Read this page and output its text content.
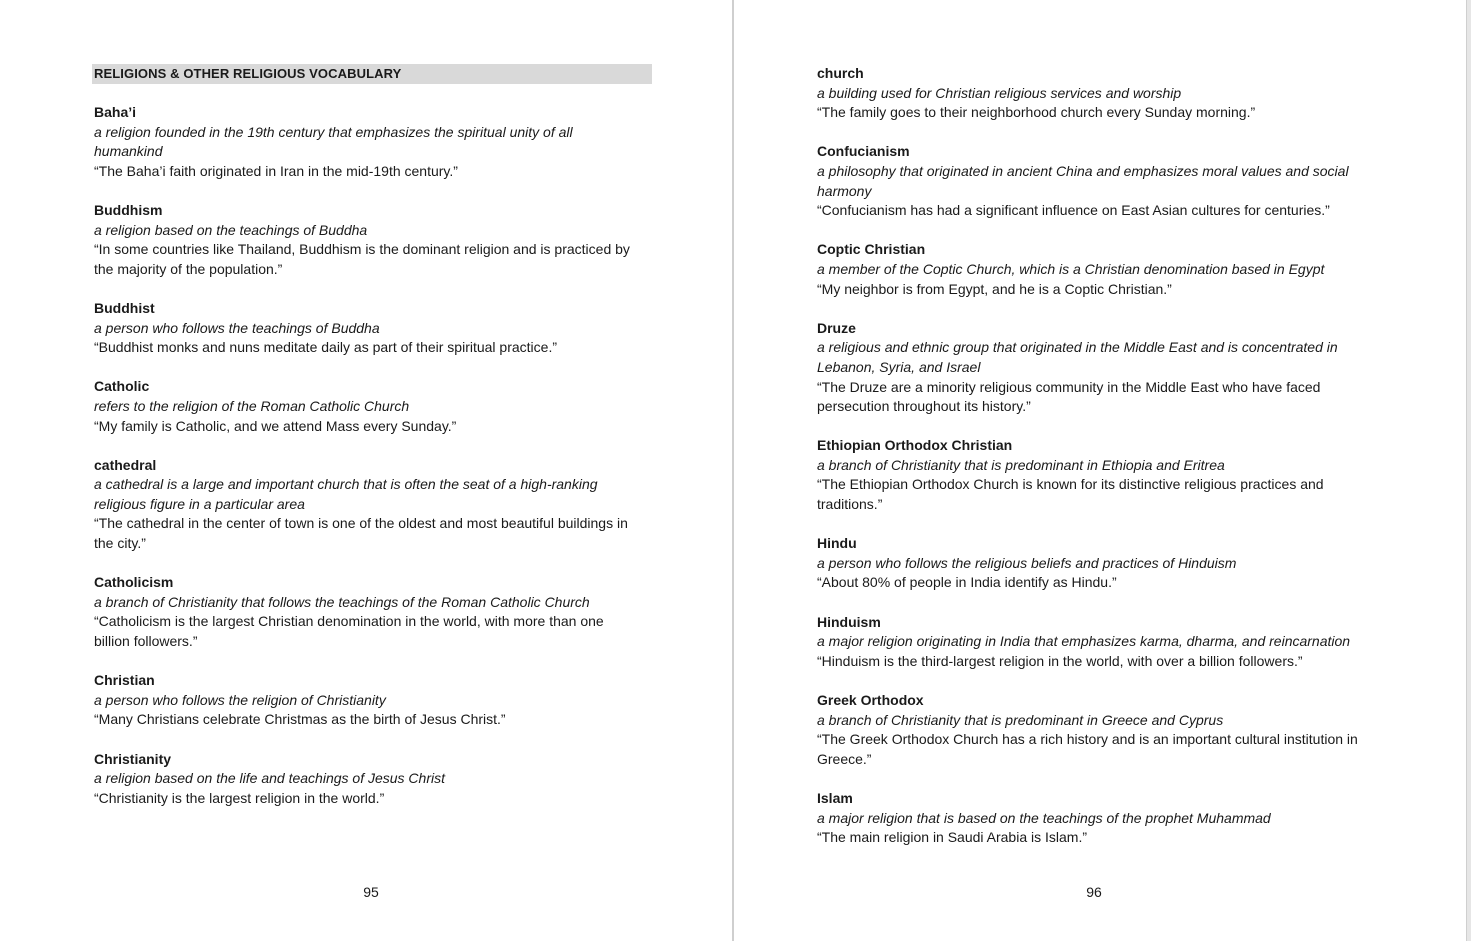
RELIGIONS & OTHER RELIGIOUS VOCABULARY
Baha’i
a religion founded in the 19th century that emphasizes the spiritual unity of all humankind
“The Baha’i faith originated in Iran in the mid-19th century.”
Buddhism
a religion based on the teachings of Buddha
“In some countries like Thailand, Buddhism is the dominant religion and is practiced by the majority of the population.”
Buddhist
a person who follows the teachings of Buddha
“Buddhist monks and nuns meditate daily as part of their spiritual practice.”
Catholic
refers to the religion of the Roman Catholic Church
“My family is Catholic, and we attend Mass every Sunday.”
cathedral
a cathedral is a large and important church that is often the seat of a high-ranking religious figure in a particular area
“The cathedral in the center of town is one of the oldest and most beautiful buildings in the city.”
Catholicism
a branch of Christianity that follows the teachings of the Roman Catholic Church
“Catholicism is the largest Christian denomination in the world, with more than one billion followers.”
Christian
a person who follows the religion of Christianity
“Many Christians celebrate Christmas as the birth of Jesus Christ.”
Christianity
a religion based on the life and teachings of Jesus Christ
“Christianity is the largest religion in the world.”
95
church
a building used for Christian religious services and worship
“The family goes to their neighborhood church every Sunday morning.”
Confucianism
a philosophy that originated in ancient China and emphasizes moral values and social harmony
“Confucianism has had a significant influence on East Asian cultures for centuries.”
Coptic Christian
a member of the Coptic Church, which is a Christian denomination based in Egypt
“My neighbor is from Egypt, and he is a Coptic Christian.”
Druze
a religious and ethnic group that originated in the Middle East and is concentrated in Lebanon, Syria, and Israel
“The Druze are a minority religious community in the Middle East who have faced persecution throughout its history.”
Ethiopian Orthodox Christian
a branch of Christianity that is predominant in Ethiopia and Eritrea
“The Ethiopian Orthodox Church is known for its distinctive religious practices and traditions.”
Hindu
a person who follows the religious beliefs and practices of Hinduism
“About 80% of people in India identify as Hindu.”
Hinduism
a major religion originating in India that emphasizes karma, dharma, and reincarnation
“Hinduism is the third-largest religion in the world, with over a billion followers.”
Greek Orthodox
a branch of Christianity that is predominant in Greece and Cyprus
“The Greek Orthodox Church has a rich history and is an important cultural institution in Greece.”
Islam
a major religion that is based on the teachings of the prophet Muhammad
“The main religion in Saudi Arabia is Islam.”
96
